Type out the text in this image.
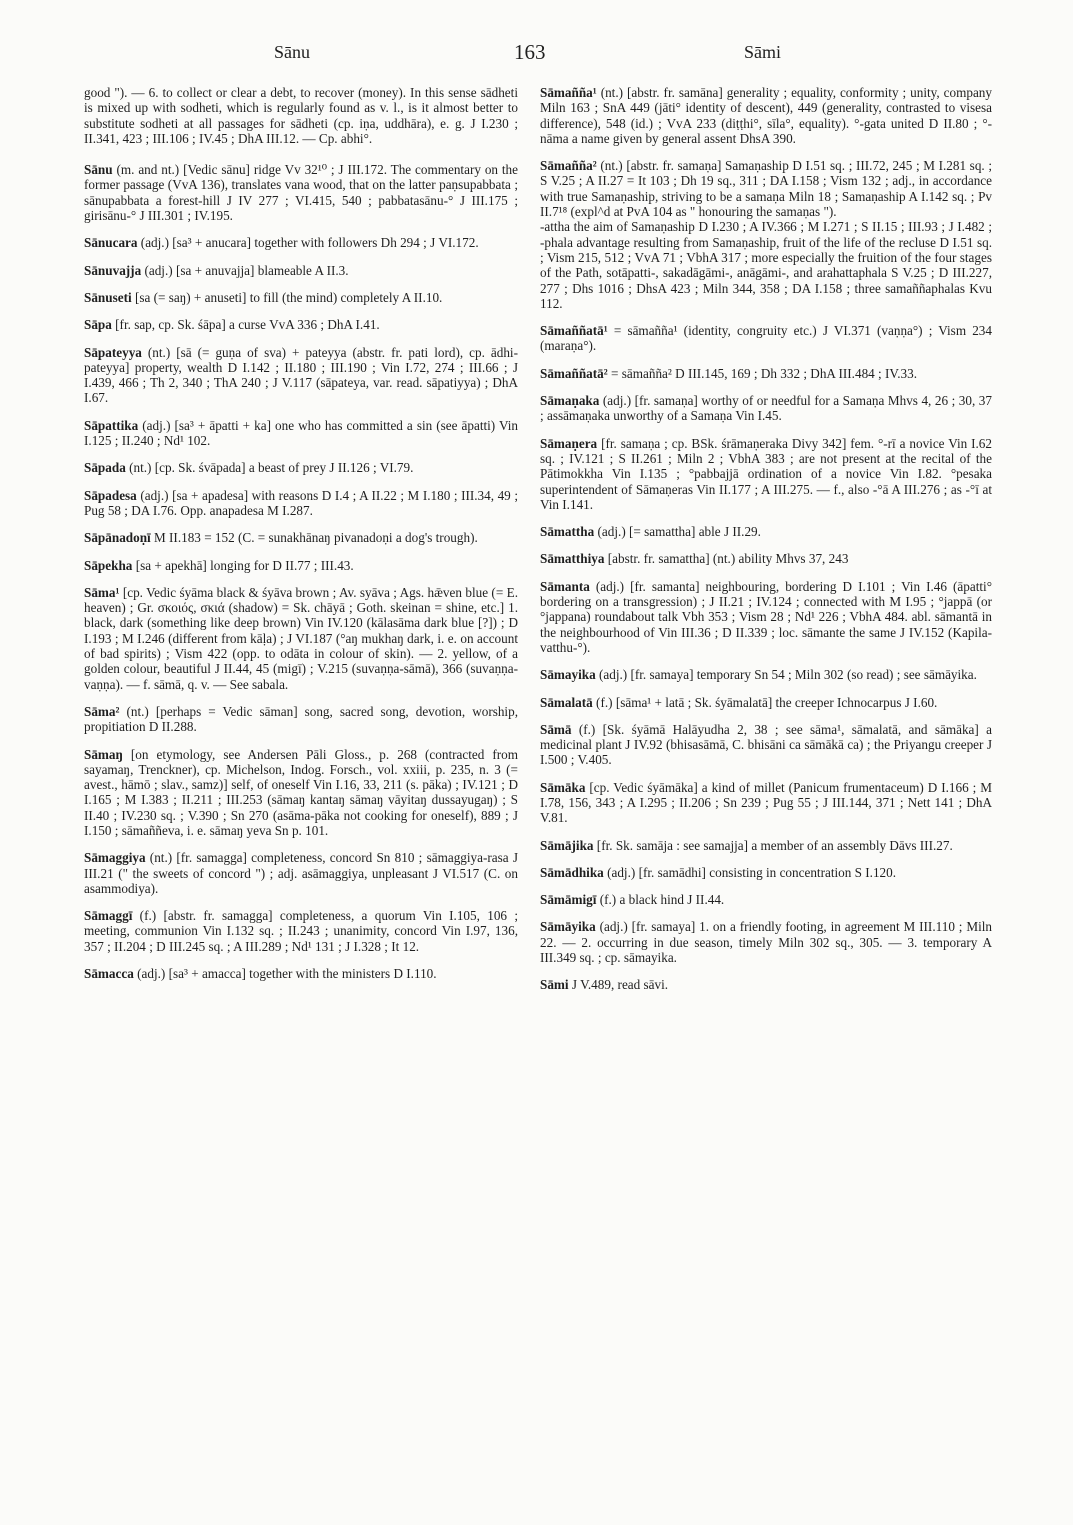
Sānu	163	Sāmi

good "). — 6. to collect or clear a debt, to recover (money). In this sense sādheti is mixed up with sodheti, which is regularly found as v. l., is it almost better to substitute sodheti at all passages for sādheti (cp. iṇa, uddhāra), e. g. J I.230 ; II.341, 423 ; III.106 ; IV.45 ; DhA III.12. — Cp. abhi°.

Sānu (m. and nt.) [Vedic sānu] ridge Vv 32¹⁰ ; J III.172. The commentary on the former passage (VvA 136), translates vana wood, that on the latter paṇsupabbata ; sānupabbata a forest-hill J IV 277 ; VI.415, 540 ; pabbatasānu-° J III.175 ; girisānu-° J III.301 ; IV.195.

Sānucara (adj.) [sa³ + anucara] together with followers Dh 294 ; J VI.172.

Sānuvajja (adj.) [sa + anuvajja] blameable A II.3.

Sānuseti [sa (= saŋ) + anuseti] to fill (the mind) completely A II.10.

Sāpa [fr. sap, cp. Sk. śāpa] a curse VvA 336 ; DhA I.41.

Sāpateyya (nt.) [sā (= guṇa of sva) + pateyya (abstr. fr. pati lord), cp. ādhi-pateyya] property, wealth D I.142 ; II.180 ; III.190 ; Vin I.72, 274 ; III.66 ; J I.439, 466 ; Th 2, 340 ; ThA 240 ; J V.117 (sāpateya, var. read. sāpatiyya) ; DhA I.67.

Sāpattika (adj.) [sa³ + āpatti + ka] one who has committed a sin (see āpatti) Vin I.125 ; II.240 ; Nd¹ 102.

Sāpada (nt.) [cp. Sk. śvāpada] a beast of prey J II.126 ; VI.79.

Sāpadesa (adj.) [sa + apadesa] with reasons D I.4 ; A II.22 ; M I.180 ; III.34, 49 ; Pug 58 ; DA I.76. Opp. anapadesa M I.287.

Sāpānadoṇī M II.183 = 152 (C. = sunakhānaŋ pivanadoṇi a dog's trough).

Sāpekha [sa + apekhā] longing for D II.77 ; III.43.

Sāma¹ [cp. Vedic śyāma black & śyāva brown ; Av. syāva ; Ags. hǣven blue (= E. heaven) ; Gr. σκοιός, σκιά (shadow) = Sk. chāyā ; Goth. skeinan = shine, etc.] 1. black, dark (something like deep brown) Vin IV.120 (kālasāma dark blue [?]) ; D I.193 ; M I.246 (different from kāḷa) ; J VI.187 (°aŋ mukhaŋ dark, i. e. on account of bad spirits) ; Vism 422 (opp. to odāta in colour of skin). — 2. yellow, of a golden colour, beautiful J II.44, 45 (migī) ; V.215 (suvaṇṇa-sāmā), 366 (suvaṇṇa-vaṇṇa). — f. sāmā, q. v. — See sabala.

Sāma² (nt.) [perhaps = Vedic sāman] song, sacred song, devotion, worship, propitiation D II.288.

Sāmaŋ [on etymology, see Andersen Pāli Gloss., p. 268 (contracted from sayamaŋ, Trenckner), cp. Michelson, Indog. Forsch., vol. xxiii, p. 235, n. 3 (= avest., hāmō ; slav., samz)] self, of oneself Vin I.16, 33, 211 (s. pāka) ; IV.121 ; D I.165 ; M I.383 ; II.211 ; III.253 (sāmaŋ kantaŋ sāmaŋ vāyitaŋ dussayugaŋ) ; S II.40 ; IV.230 sq. ; V.390 ; Sn 270 (asāma-pāka not cooking for oneself), 889 ; J I.150 ; sāmaññeva, i. e. sāmaŋ yeva Sn p. 101.

Sāmaggiya (nt.) [fr. samagga] completeness, concord Sn 810 ; sāmaggiya-rasa J III.21 (" the sweets of concord ") ; adj. asāmaggiya, unpleasant J VI.517 (C. on asammodiya).

Sāmaggī (f.) [abstr. fr. samagga] completeness, a quorum Vin I.105, 106 ; meeting, communion Vin I.132 sq. ; II.243 ; unanimity, concord Vin I.97, 136, 357 ; II.204 ; D III.245 sq. ; A III.289 ; Nd¹ 131 ; J I.328 ; It 12.

Sāmacca (adj.) [sa³ + amacca] together with the ministers D I.110.

Sāmañña¹ (nt.) [abstr. fr. samāna] generality ; equality, conformity ; unity, company Miln 163 ; SnA 449 (jāti° identity of descent), 449 (generality, contrasted to visesa difference), 548 (id.) ; VvA 233 (diṭṭhi°, sīla°, equality). °-gata united D II.80 ; °-nāma a name given by general assent DhsA 390.

Sāmañña² (nt.) [abstr. fr. samaṇa] Samaṇaship D I.51 sq. ; III.72, 245 ; M I.281 sq. ; S V.25 ; A II.27 = It 103 ; Dh 19 sq., 311 ; DA I.158 ; Vism 132 ; adj., in accordance with true Samaṇaship, striving to be a samaṇa Miln 18 ; Samaṇaship A I.142 sq. ; Pv II.7¹⁸ (expl^d at PvA 104 as " honouring the samaṇas ").
-attha the aim of Samaṇaship D I.230 ; A IV.366 ; M I.271 ; S II.15 ; III.93 ; J I.482 ; -phala advantage resulting from Samaṇaship, fruit of the life of the recluse D I.51 sq. ; Vism 215, 512 ; VvA 71 ; VbhA 317 ; more especially the fruition of the four stages of the Path, sotāpatti-, sakadāgāmi-, anāgāmi-, and arahattaphala S V.25 ; D III.227, 277 ; Dhs 1016 ; DhsA 423 ; Miln 344, 358 ; DA I.158 ; three samaññaphalas Kvu 112.

Sāmaññatā¹ = sāmañña¹ (identity, congruity etc.) J VI.371 (vaṇṇa°) ; Vism 234 (maraṇa°).

Sāmaññatā² = sāmañña² D III.145, 169 ; Dh 332 ; DhA III.484 ; IV.33.

Sāmaṇaka (adj.) [fr. samaṇa] worthy of or needful for a Samaṇa Mhvs 4, 26 ; 30, 37 ; assāmaṇaka unworthy of a Samaṇa Vin I.45.

Sāmaṇera [fr. samaṇa ; cp. BSk. śrāmaṇeraka Divy 342] fem. °-rī a novice Vin I.62 sq. ; IV.121 ; S II.261 ; Miln 2 ; VbhA 383 ; are not present at the recital of the Pātimokkha Vin I.135 ; °pabbajjā ordination of a novice Vin I.82. °pesaka superintendent of Sāmaṇeras Vin II.177 ; A III.275. — f., also -°ā A III.276 ; as -°ī at Vin I.141.

Sāmattha (adj.) [= samattha] able J II.29.

Sāmatthiya [abstr. fr. samattha] (nt.) ability Mhvs 37, 243

Sāmanta (adj.) [fr. samanta] neighbouring, bordering D I.101 ; Vin I.46 (āpatti° bordering on a transgression) ; J II.21 ; IV.124 ; connected with M I.95 ; °jappā (or °jappana) roundabout talk Vbh 353 ; Vism 28 ; Nd¹ 226 ; VbhA 484. abl. sāmantā in the neighbourhood of Vin III.36 ; D II.339 ; loc. sāmante the same J IV.152 (Kapila-vatthu-°).

Sāmayika (adj.) [fr. samaya] temporary Sn 54 ; Miln 302 (so read) ; see sāmāyika.

Sāmalatā (f.) [sāma¹ + latā ; Sk. śyāmalatā] the creeper Ichnocarpus J I.60.

Sāmā (f.) [Sk. śyāmā Halāyudha 2, 38 ; see sāma¹, sāmalatā, and sāmāka] a medicinal plant J IV.92 (bhisasāmā, C. bhisāni ca sāmākā ca) ; the Priyangu creeper J I.500 ; V.405.

Sāmāka [cp. Vedic śyāmāka] a kind of millet (Panicum frumentaceum) D I.166 ; M I.78, 156, 343 ; A I.295 ; II.206 ; Sn 239 ; Pug 55 ; J III.144, 371 ; Nett 141 ; DhA V.81.

Sāmājika [fr. Sk. samāja : see samajja] a member of an assembly Dāvs III.27.

Sāmādhika (adj.) [fr. samādhi] consisting in concentration S I.120.

Sāmāmigī (f.) a black hind J II.44.

Sāmāyika (adj.) [fr. samaya] 1. on a friendly footing, in agreement M III.110 ; Miln 22. — 2. occurring in due season, timely Miln 302 sq., 305. — 3. temporary A III.349 sq. ; cp. sāmayika.

Sāmi J V.489, read sāvi.
